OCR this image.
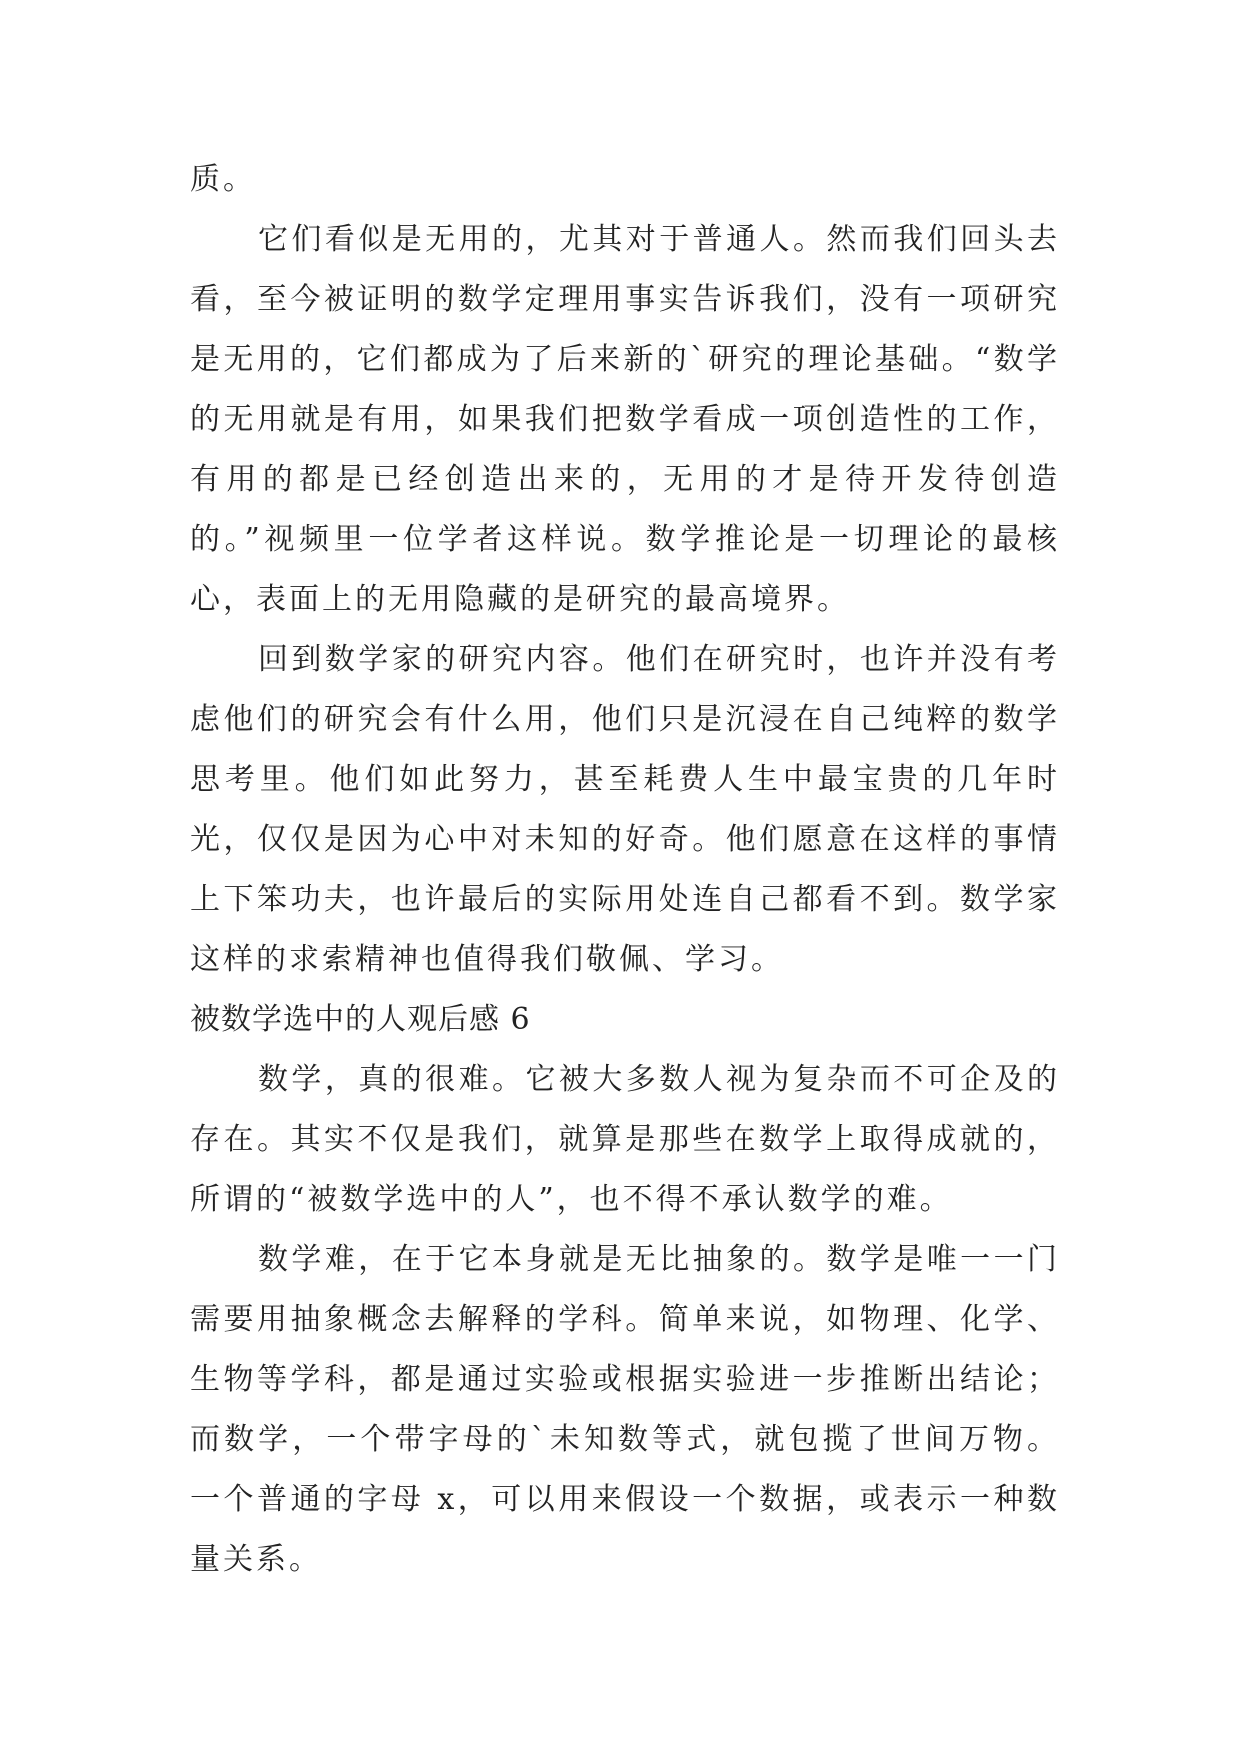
质。

它们看似是无用的，尤其对于普通人。然而我们回头去看，至今被证明的数学定理用事实告诉我们，没有一项研究是无用的，它们都成为了后来新的`研究的理论基础。“数学的无用就是有用，如果我们把数学看成一项创造性的工作，有用的都是已经创造出来的，无用的才是待开发待创造的。”视频里一位学者这样说。数学推论是一切理论的最核心，表面上的无用隐藏的是研究的最高境界。

回到数学家的研究内容。他们在研究时，也许并没有考虑他们的研究会有什么用，他们只是沉浸在自己纯粹的数学思考里。他们如此努力，甚至耗费人生中最宝贵的几年时光，仅仅是因为心中对未知的好奇。他们愿意在这样的事情上下笨功夫，也许最后的实际用处连自己都看不到。数学家这样的求索精神也值得我们敬佩、学习。

被数学选中的人观后感 6

数学，真的很难。它被大多数人视为复杂而不可企及的存在。其实不仅是我们，就算是那些在数学上取得成就的，所谓的“被数学选中的人”，也不得不承认数学的难。

数学难，在于它本身就是无比抽象的。数学是唯一一门需要用抽象概念去解释的学科。简单来说，如物理、化学、生物等学科，都是通过实验或根据实验进一步推断出结论；而数学，一个带字母的`未知数等式，就包揽了世间万物。一个普通的字母 x，可以用来假设一个数据，或表示一种数量关系。
